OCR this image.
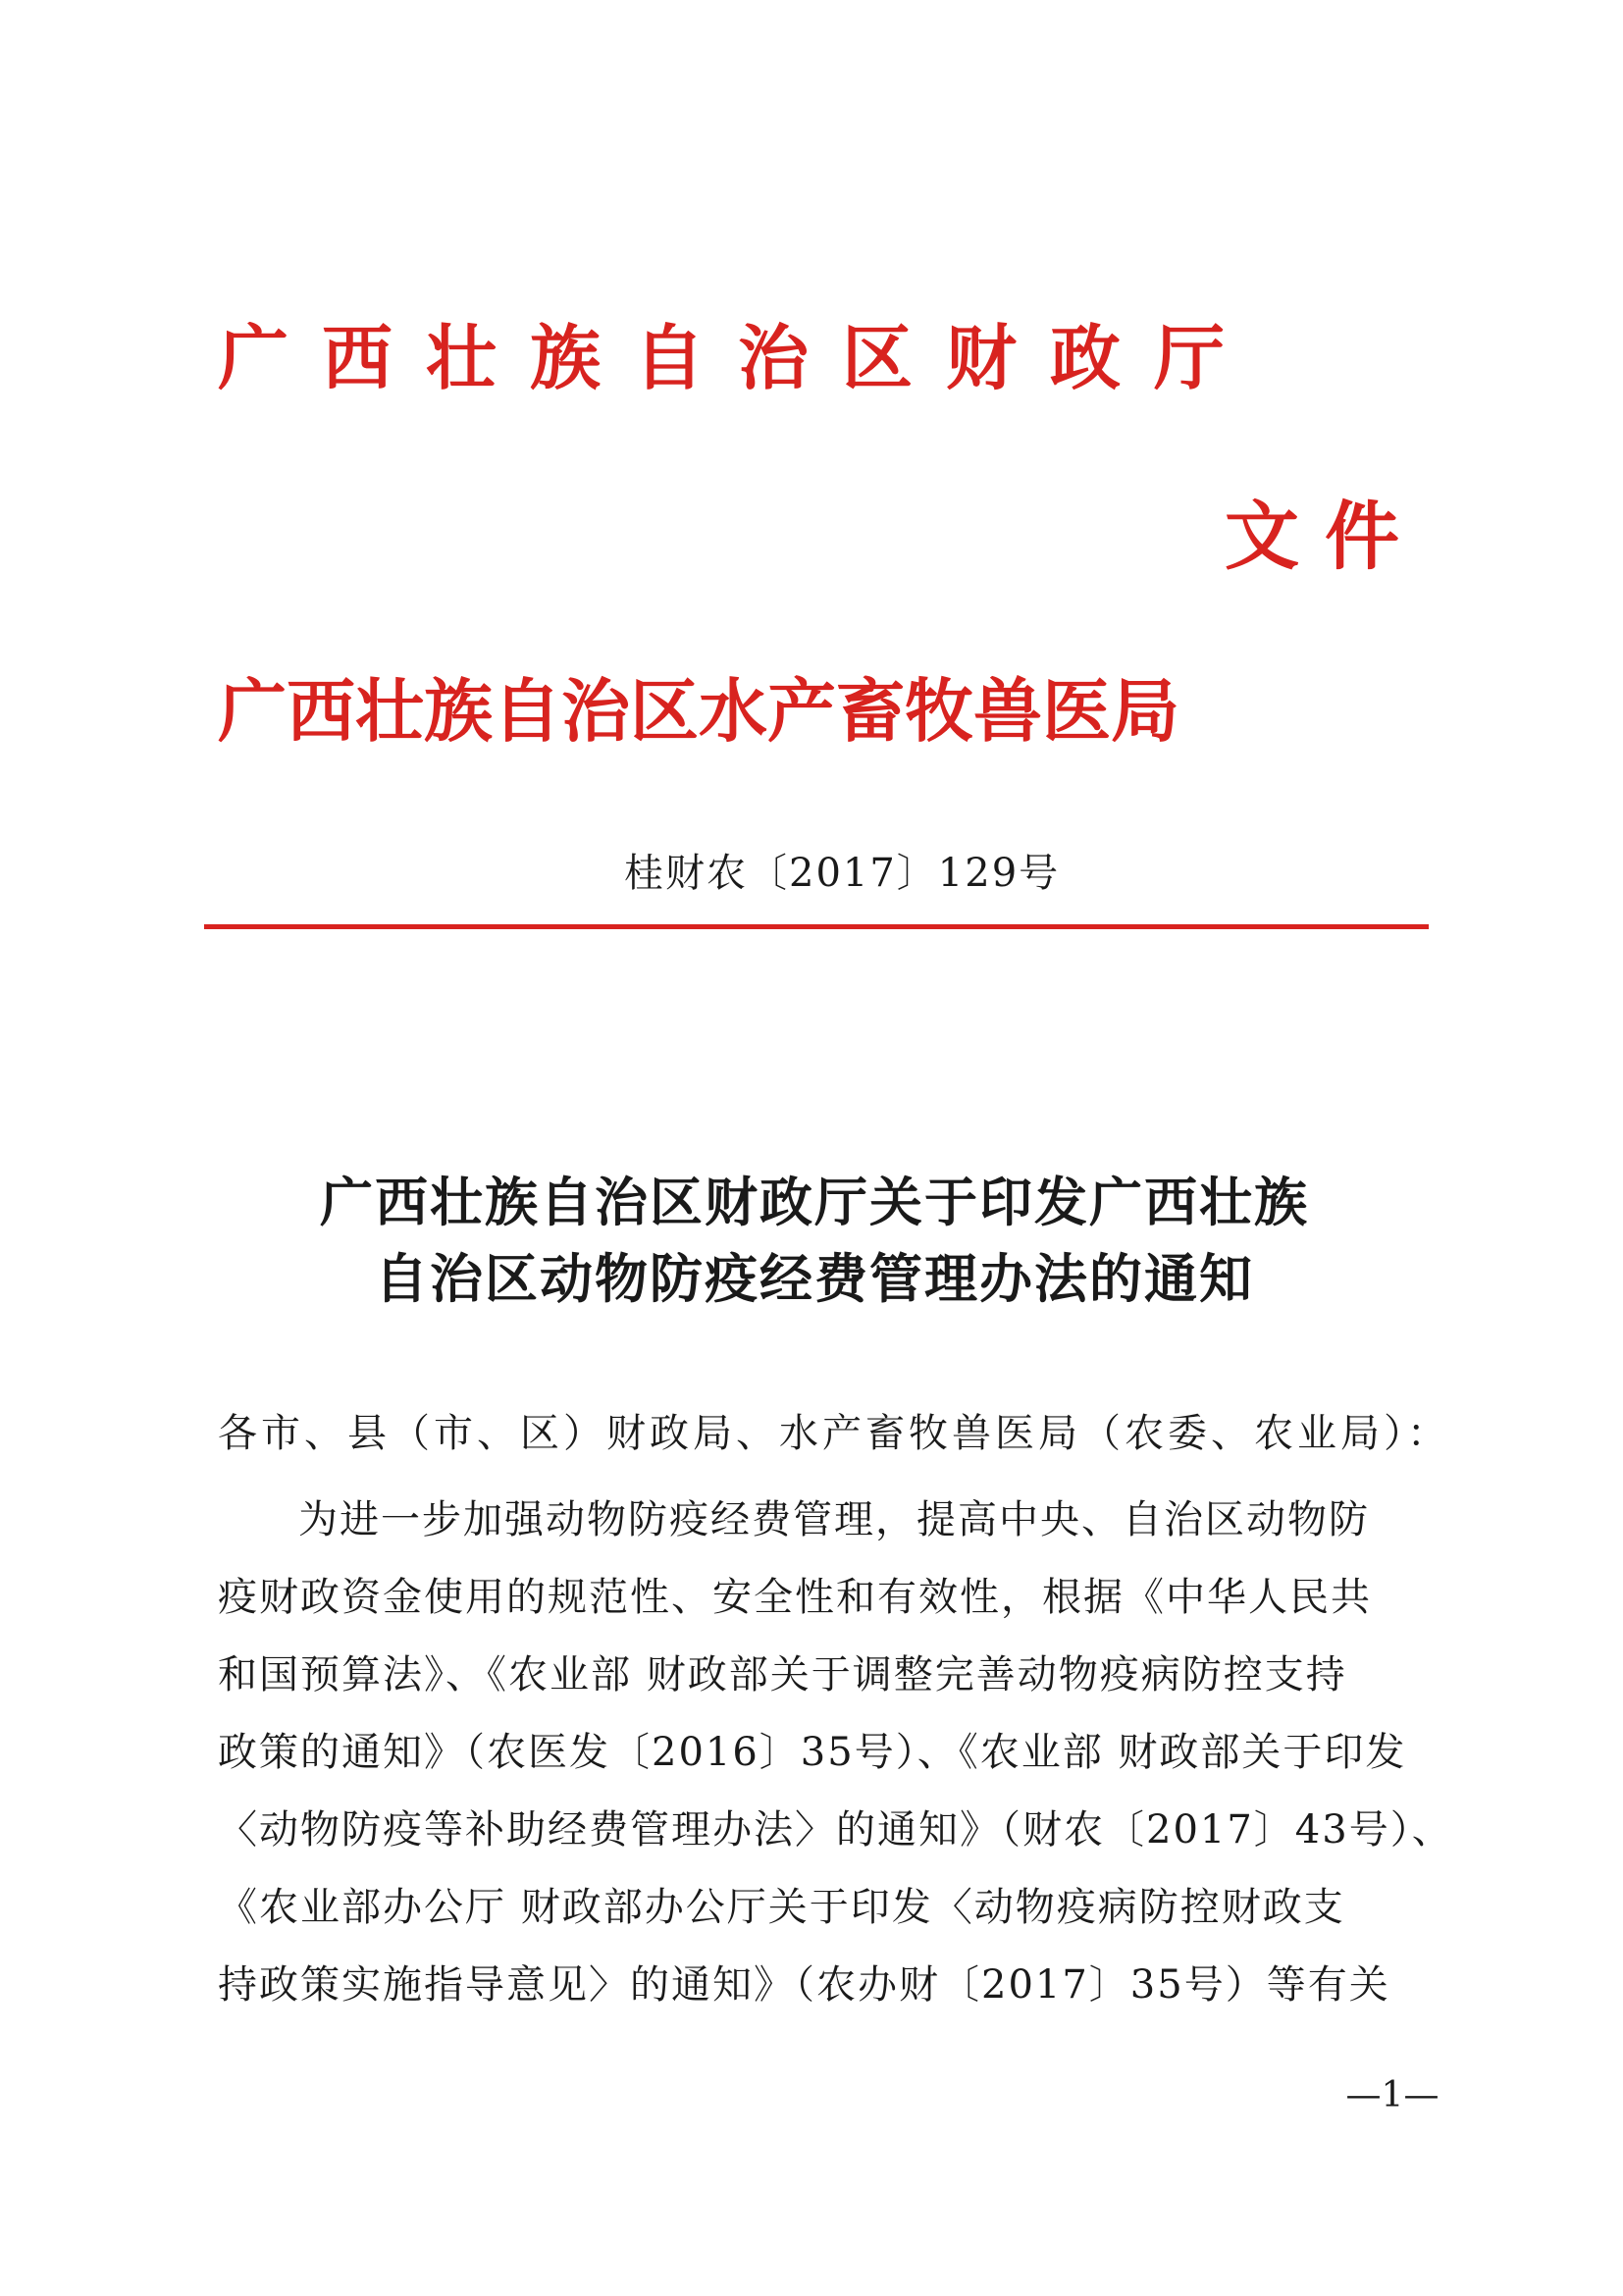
广西壮族自治区财政厅
文件
广西壮族自治区水产畜牧兽医局
桂财农〔2017〕129号
广西壮族自治区财政厅关于印发广西壮族
自治区动物防疫经费管理办法的通知
各市、县（市、区）财政局、水产畜牧兽医局（农委、农业局）：
为进一步加强动物防疫经费管理，提高中央、自治区动物防
疫财政资金使用的规范性、安全性和有效性，根据《中华人民共
和国预算法》、《农业部 财政部关于调整完善动物疫病防控支持
政策的通知》（农医发〔2016〕35号）、《农业部 财政部关于印发
〈动物防疫等补助经费管理办法〉的通知》（财农〔2017〕43号）、
《农业部办公厅 财政部办公厅关于印发〈动物疫病防控财政支
持政策实施指导意见〉的通知》（农办财〔2017〕35号）等有关
—1—
